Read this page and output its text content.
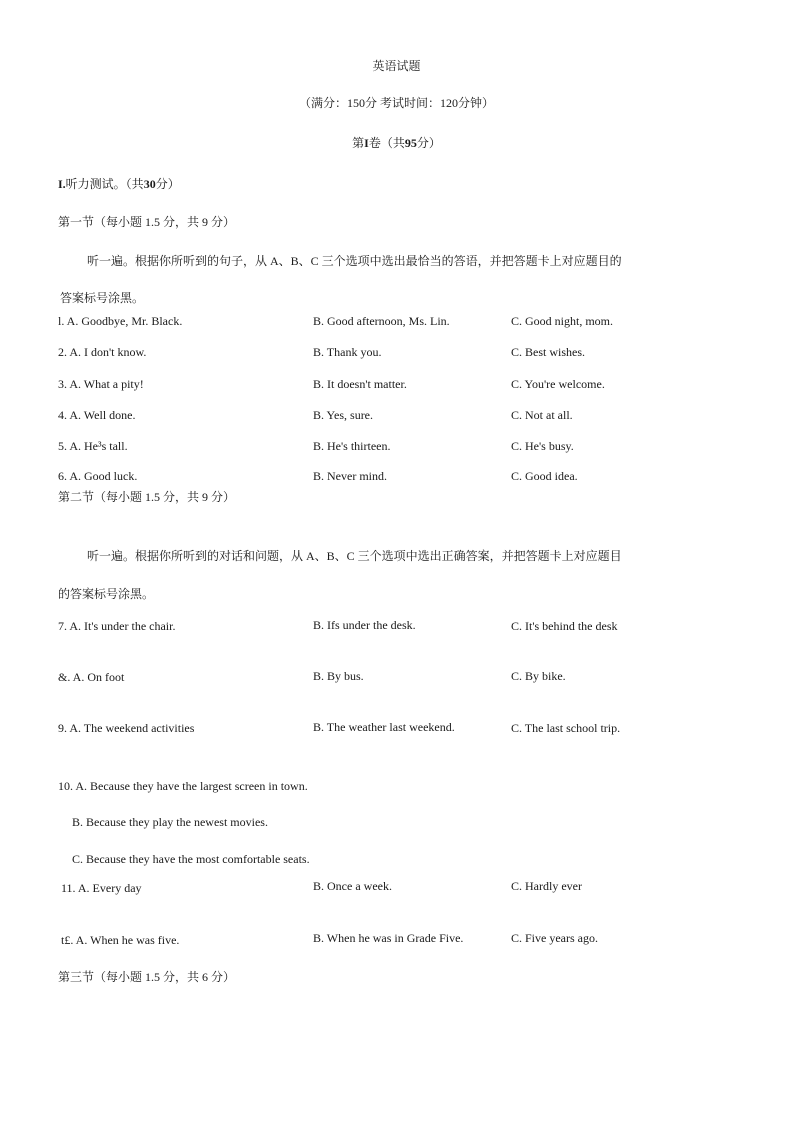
英语试题
（满分：150分 考试时间：120分钟）
第I卷（共95分）
I.听力测试。（共30分）
第一节（每小题 1.5 分，共 9 分）
听一遍。根据你所听到的句子，从 A、B、C 三个选项中选出最恰当的答语，并把答题卡上对应题目的
答案标号涂黑。
l. A. Goodbye, Mr. Black.	B. Good afternoon, Ms. Lin.	C. Good night, mom.
2. A. I don't know.	B. Thank you.	C. Best wishes.
3. A. What a pity!	B. It doesn't matter.	C. You're welcome.
4. A. Well done.	B. Yes, sure.	C. Not at all.
5. A. He³s tall.	B. He's thirteen.	C. He's busy.
6. A. Good luck.	B. Never mind.	C. Good idea.
第二节（每小题 1.5 分，共 9 分）
听一遍。根据你所听到的对话和问题，从 A、B、C 三个选项中选出正确答案，并把答题卡上对应题目
的答案标号涂黑。
7. A. It's under the chair.	B. Ifs under the desk.	C. It's behind the desk
&. A. On foot	B. By bus.	C. By bike.
9. A. The weekend activities	B. The weather last weekend.	C. The last school trip.
10. A. Because they have the largest screen in town.
B. Because they play the newest movies.
C. Because they have the most comfortable seats.
11. A. Every day	B. Once a week.	C. Hardly ever
t£. A. When he was five.	B. When he was in Grade Five.	C. Five years ago.
第三节（每小题 1.5 分，共 6 分）
